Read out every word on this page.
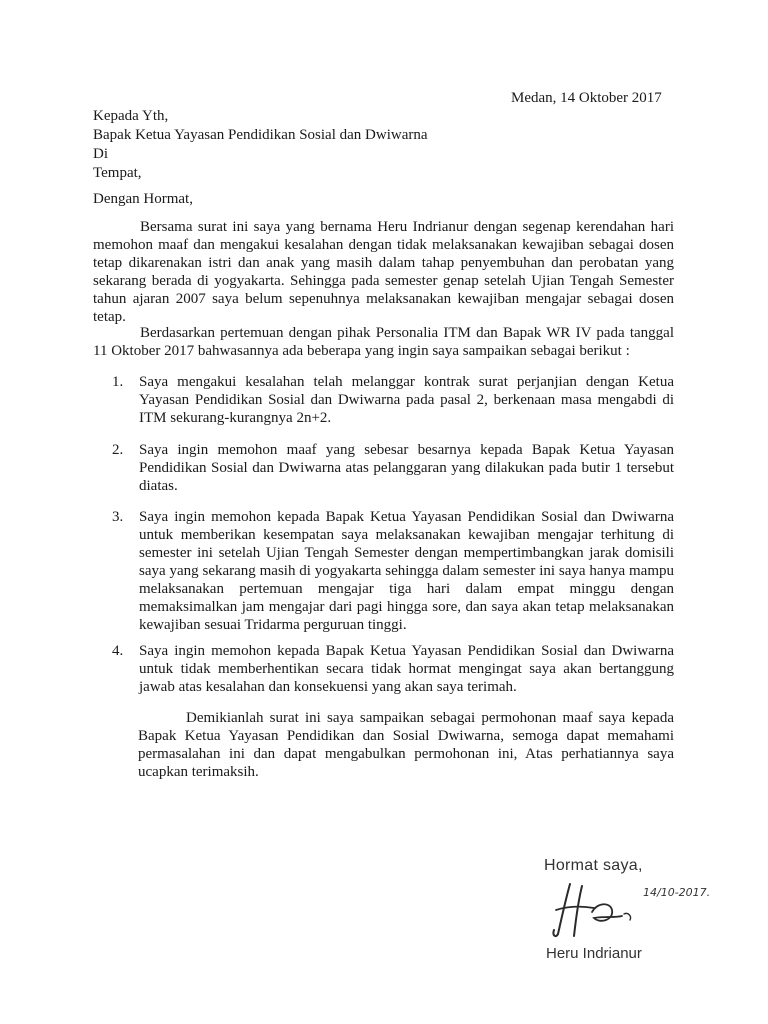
Medan, 14 Oktober 2017
Kepada Yth,
Bapak Ketua Yayasan Pendidikan Sosial dan Dwiwarna
Di
Tempat,
Dengan Hormat,
Bersama surat ini saya yang bernama Heru Indrianur dengan segenap kerendahan hari memohon maaf dan mengakui kesalahan dengan tidak melaksanakan kewajiban sebagai dosen tetap dikarenakan istri dan anak yang masih dalam tahap penyembuhan dan perobatan yang sekarang berada di yogyakarta. Sehingga pada semester genap setelah Ujian Tengah Semester tahun ajaran 2007 saya belum sepenuhnya melaksanakan kewajiban mengajar sebagai dosen tetap.
Berdasarkan pertemuan dengan pihak Personalia ITM dan Bapak WR IV pada tanggal 11 Oktober 2017 bahwasannya ada beberapa yang ingin saya sampaikan sebagai berikut :
1. Saya mengakui kesalahan telah melanggar kontrak surat perjanjian dengan Ketua Yayasan Pendidikan Sosial dan Dwiwarna pada pasal 2, berkenaan masa mengabdi di ITM sekurang-kurangnya 2n+2.
2. Saya ingin memohon maaf yang sebesar besarnya kepada Bapak Ketua Yayasan Pendidikan Sosial dan Dwiwarna atas pelanggaran yang dilakukan pada butir 1 tersebut diatas.
3. Saya ingin memohon kepada Bapak Ketua Yayasan Pendidikan Sosial dan Dwiwarna untuk memberikan kesempatan saya melaksanakan kewajiban mengajar terhitung di semester ini setelah Ujian Tengah Semester dengan mempertimbangkan jarak domisili saya yang sekarang masih di yogyakarta sehingga dalam semester ini saya hanya mampu melaksanakan pertemuan mengajar tiga hari dalam empat minggu dengan memaksimalkan jam mengajar dari pagi hingga sore, dan saya akan tetap melaksanakan kewajiban sesuai Tridarma perguruan tinggi.
4. Saya ingin memohon kepada Bapak Ketua Yayasan Pendidikan Sosial dan Dwiwarna untuk tidak memberhentikan secara tidak hormat mengingat saya akan bertanggung jawab atas kesalahan dan konsekuensi yang akan saya terimah.
Demikianlah surat ini saya sampaikan sebagai permohonan maaf saya kepada Bapak Ketua Yayasan Pendidikan dan Sosial Dwiwarna, semoga dapat memahami permasalahan ini dan dapat mengabulkan permohonan ini, Atas perhatiannya saya ucapkan terimaksih.
Hormat saya,
14/10-2017.
Heru Indrianur
